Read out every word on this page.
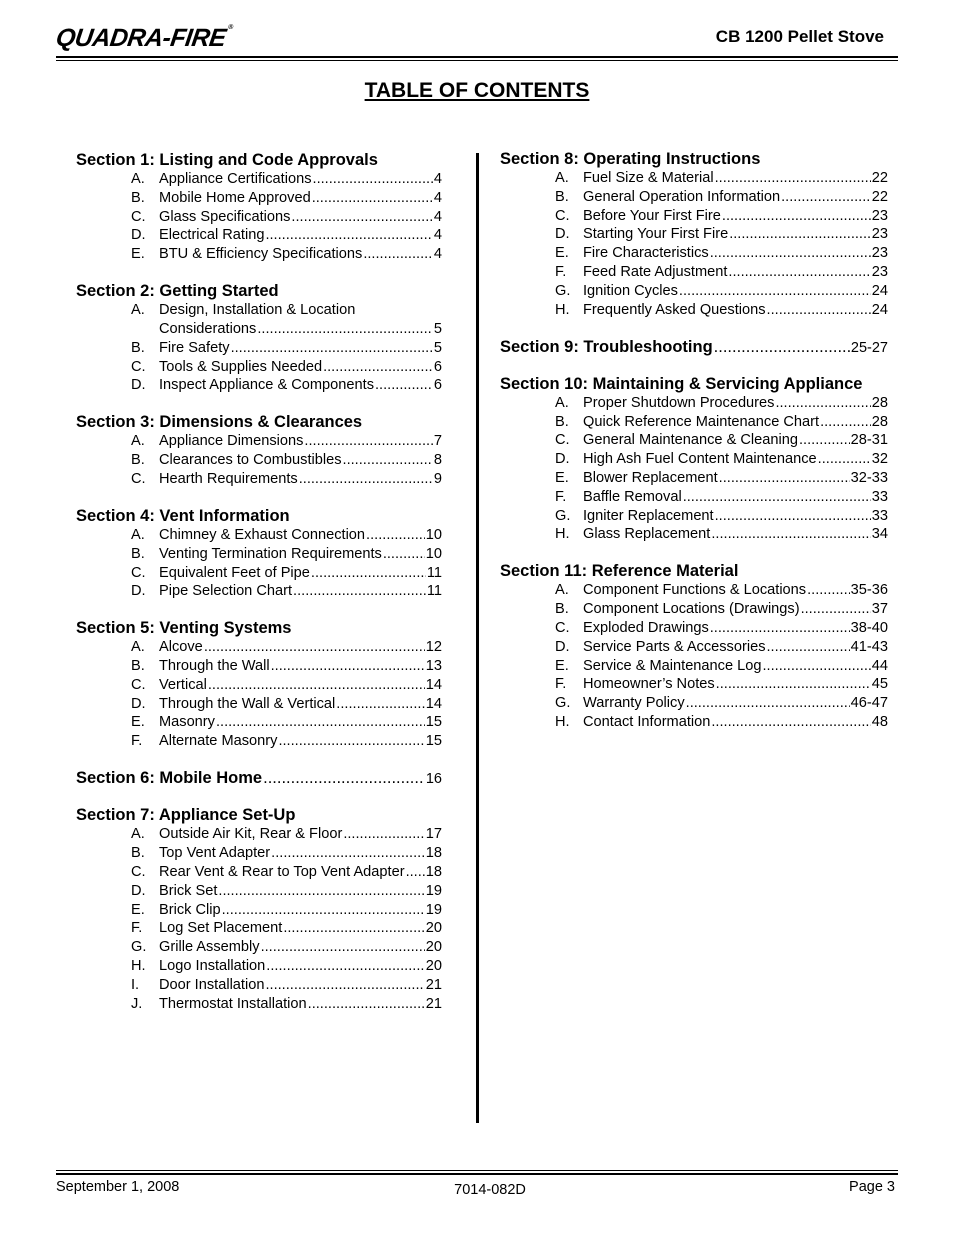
QUADRA-FIRE®	CB 1200 Pellet Stove
TABLE OF CONTENTS
Section 1: Listing and Code Approvals
A. Appliance Certifications .....	4
B. Mobile Home Approved .....	4
C. Glass Specifications .....	4
D. Electrical Rating .....	4
E. BTU & Efficiency Specifications .....	4
Section 2: Getting Started
A. Design, Installation & Location
Considerations .....	5
B. Fire Safety .....	5
C. Tools & Supplies Needed .....	6
D. Inspect Appliance & Components .....	6
Section 3: Dimensions & Clearances
A. Appliance Dimensions .....	7
B. Clearances to Combustibles .....	8
C. Hearth Requirements .....	9
Section 4: Vent Information
A. Chimney & Exhaust Connection .....	10
B. Venting Termination Requirements .....	10
C. Equivalent Feet of Pipe .....	11
D. Pipe Selection Chart .....	11
Section 5: Venting Systems
A. Alcove .....	12
B. Through the Wall .....	13
C. Vertical .....	14
D. Through the Wall & Vertical .....	14
E. Masonry .....	15
F.	Alternate Masonry .....	15
Section 6: Mobile Home .....	16
Section 7: Appliance Set-Up
A. Outside Air Kit, Rear & Floor .....	17
B. Top Vent Adapter .....	18
C. Rear Vent & Rear to Top Vent Adapter ..... 18
D. Brick Set .....	19
E. Brick Clip .....	19
F.	Log Set Placement .....	20
G. Grille Assembly .....	20
H. Logo Installation .....	20
I.	Door Installation .....	21
J.	Thermostat Installation .....	21
Section 8: Operating Instructions
A. Fuel Size & Material .....	22
B. General Operation Information .....	22
C. Before Your First Fire .....	23
D. Starting Your First Fire .....	23
E. Fire Characteristics .....	23
F.	Feed Rate Adjustment .....	23
G. Ignition Cycles .....	24
H. Frequently Asked Questions .....	24
Section 9: Troubleshooting .....	25-27
Section 10: Maintaining & Servicing Appliance
A. Proper Shutdown Procedures .....	28
B. Quick Reference Maintenance Chart .....	28
C. General Maintenance & Cleaning .....	28-31
D. High Ash Fuel Content Maintenance .....	32
E. Blower Replacement .....	32-33
F.	Baffle Removal .....	33
G. Igniter Replacement .....	33
H. Glass Replacement .....	34
Section 11: Reference Material
A. Component Functions & Locations .....	35-36
B. Component Locations (Drawings) .....	37
C. Exploded Drawings .....	38-40
D. Service Parts & Accessories .....	41-43
E. Service & Maintenance Log .....	44
F.	Homeowner’s Notes .....	45
G. Warranty Policy .....	46-47
H. Contact Information .....	48
September 1, 2008	7014-082D	Page 3
